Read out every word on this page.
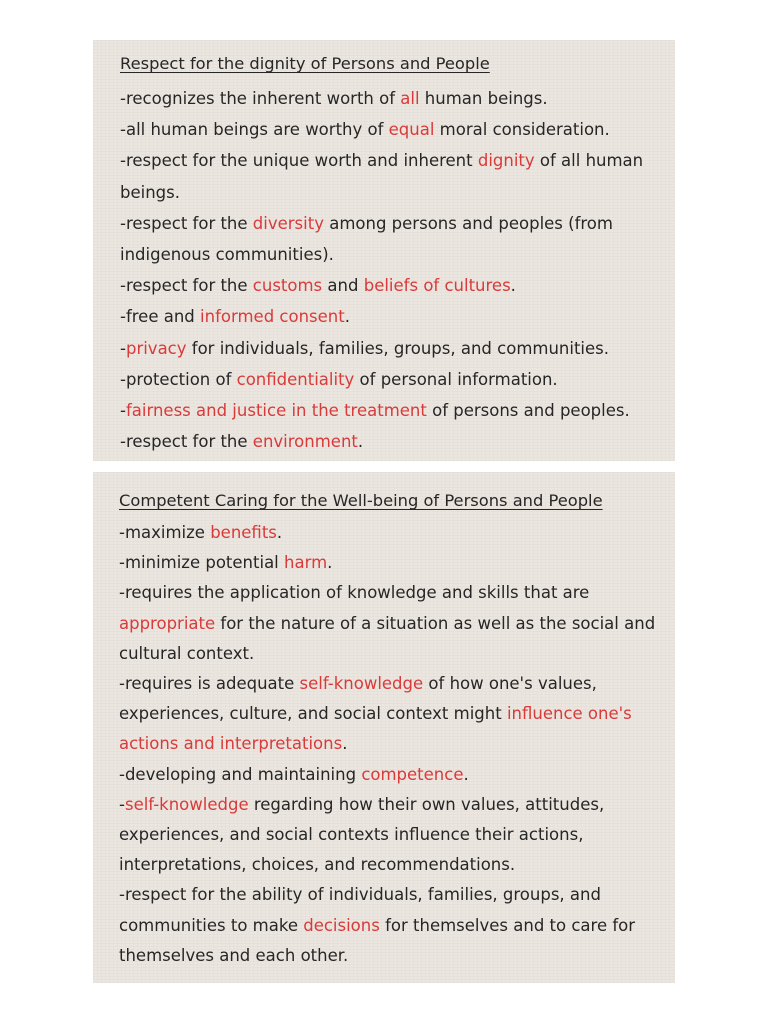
Respect for the dignity of Persons and People
-recognizes the inherent worth of all human beings.
-all human beings are worthy of equal moral consideration.
-respect for the unique worth and inherent dignity of all human
beings.
-respect for the diversity among persons and peoples (from
indigenous communities).
-respect for the customs and beliefs of cultures.
-free and informed consent.
-privacy for individuals, families, groups, and communities.
-protection of confidentiality of personal information.
-fairness and justice in the treatment of persons and peoples.
-respect for the environment.
Competent Caring for the Well-being of Persons and People
-maximize benefits.
-minimize potential harm.
-requires the application of knowledge and skills that are
appropriate for the nature of a situation as well as the social and
cultural context.
-requires is adequate self-knowledge of how one's values,
experiences, culture, and social context might influence one's
actions and interpretations.
-developing and maintaining competence.
-self-knowledge regarding how their own values, attitudes,
experiences, and social contexts influence their actions,
interpretations, choices, and recommendations.
-respect for the ability of individuals, families, groups, and
communities to make decisions for themselves and to care for
themselves and each other.
